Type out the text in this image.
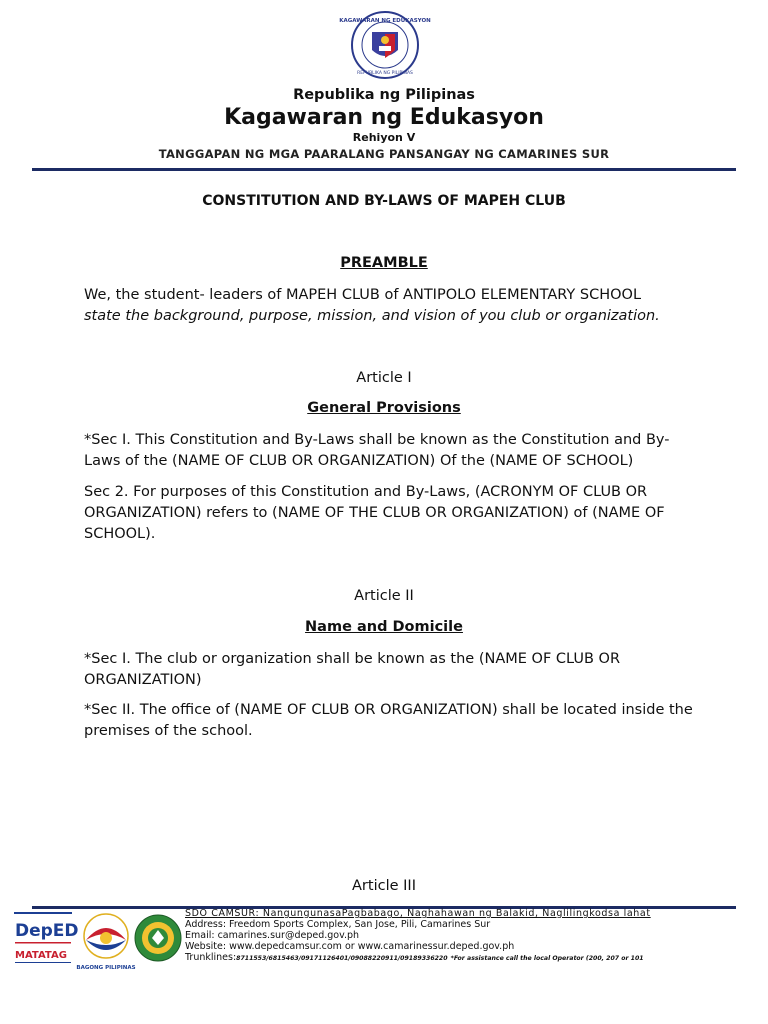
KAGAWARAN NG EDUKASYON
REPUBLIKA NG PILIPINAS
Republika ng Pilipinas
Kagawaran ng Edukasyon
Rehiyon V
TANGGAPAN NG MGA PAARALANG PANSANGAY NG CAMARINES SUR
CONSTITUTION AND BY-LAWS OF MAPEH CLUB
PREAMBLE
We, the student- leaders of MAPEH CLUB of ANTIPOLO ELEMENTARY SCHOOL
state the background, purpose, mission, and vision of you club or organization.
Article I
General Provisions
*Sec I. This Constitution and By-Laws shall be known as the Constitution and By-Laws of the (NAME OF CLUB OR ORGANIZATION) Of the (NAME OF SCHOOL)
Sec 2. For purposes of this Constitution and By-Laws, (ACRONYM OF CLUB OR ORGANIZATION) refers to (NAME OF THE CLUB OR ORGANIZATION) of (NAME OF SCHOOL).
Article II
Name and Domicile
*Sec I. The club or organization shall be known as the (NAME OF CLUB OR ORGANIZATION)
*Sec II. The office of (NAME OF CLUB OR ORGANIZATION) shall be located inside the premises of the school.
Article III
DepED
MATATAG
BAGONG PILIPINAS
SDO CAMSUR: NangungunasaPagbabago, Naghahawan ng Balakid, Naglilingkodsa lahat
Address: Freedom Sports Complex, San Jose, Pili, Camarines Sur
Email: camarines.sur@deped.gov.ph
Website: www.depedcamsur.com or www.camarinessur.deped.gov.ph
Trunklines:8711553/6815463/09171126401/09088220911/09189336220 *For assistance call the local Operator (200, 207 or 101
